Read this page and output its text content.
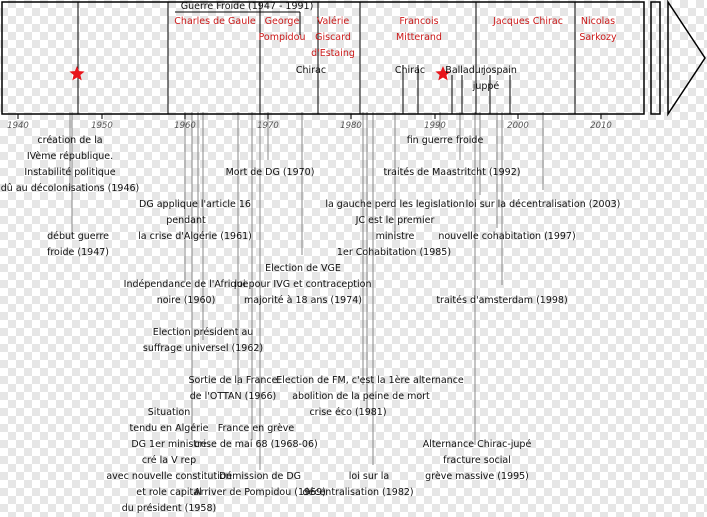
1940	1950	1960	1970	1980	1990	2000	2010
Guerre Froide (1947 - 1991)
Charles de Gaule George
Pompidou
Valérie
Giscard
d'Estaing
Francois
Mitterand
Jacques Chirac Nicolas
Sarkozy
Chirac	Chirac Balladur
jospain
juppé
création de la
IVème république.
Instabilité politique
dû au décolonisations (1946)
début guerre
froide (1947)
DG applique l'article 16
pendant
la crise d'Algérie (1961)
Indépendance de l'Afrique
noire (1960)
Election président au
suffrage universel (1962)
Sortie de la France
de l'OTTAN (1966)
Situation
tendu en Algérie
DG 1er ministre
cré la V rep
avec nouvelle constitution
et role capital
du président (1958)
France en grève
crise de mai 68 (1968-06)
Démission de DG
Arriver de Pompidou (1969)
Mort de DG (1970)
Election de VGE
loi pour IVG et contraception
majorité à 18 ans (1974)
Election de FM, c'est la 1ère alternance
abolition de la peine de mort
crise éco (1981)
loi sur la
décentralisation (1982)
fin guerre froide
traités de Maastritcht (1992)
la gauche perd les legislation
JC est le premier
ministre
1er Cohabitation (1985)
loi sur la décentralisation (2003)
nouvelle cohabitation (1997)
traités d'amsterdam (1998)
Alternance Chirac-jupé
fracture social
grève massive (1995)
